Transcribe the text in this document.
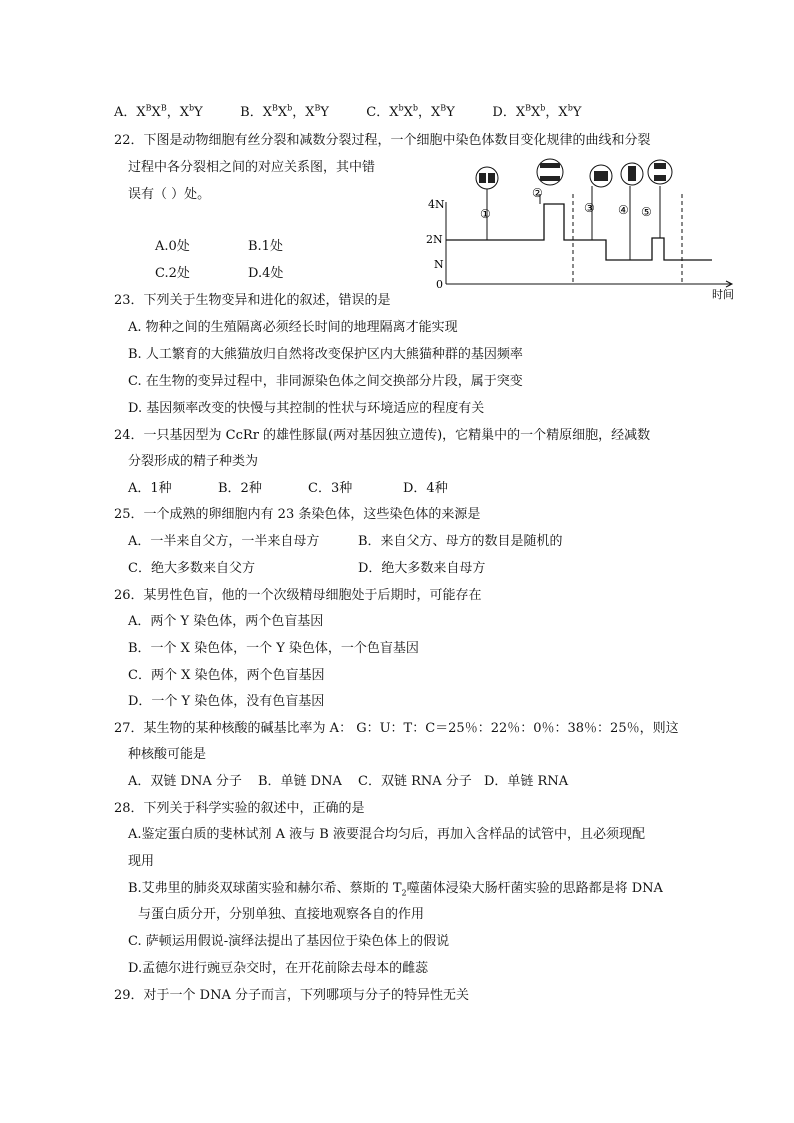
A．$X^BX^B$，$X^bY$	B．$X^BX^b$，$X^BY$	C．$X^bX^b$，$X^BY$	D．$X^BX^b$，$X^bY$
22．下图是动物细胞有丝分裂和减数分裂过程，一个细胞中染色体数目变化规律的曲线和分裂
过程中各分裂相之间的对应关系图，其中错
误有（ ）处。
A.0处	B.1处
C.2处	D.4处
4N
2N
N
0
时间
①
②
③ ④ ⑤
23．下列关于生物变异和进化的叙述，错误的是
A. 物种之间的生殖隔离必须经长时间的地理隔离才能实现
B. 人工繁育的大熊猫放归自然将改变保护区内大熊猫种群的基因频率
C. 在生物的变异过程中，非同源染色体之间交换部分片段，属于突变
D. 基因频率改变的快慢与其控制的性状与环境适应的程度有关
24．一只基因型为 CcRr 的雄性豚鼠(两对基因独立遗传)，它精巢中的一个精原细胞，经减数
分裂形成的精子种类为
A．1种	B．2种	C．3种	D．4种
25．一个成熟的卵细胞内有 23 条染色体，这些染色体的来源是
A．一半来自父方，一半来自母方	B．来自父方、母方的数目是随机的
C．绝大多数来自父方	D．绝大多数来自母方
26．某男性色盲，他的一个次级精母细胞处于后期时，可能存在
A．两个 Y 染色体，两个色盲基因
B．一个 X 染色体，一个 Y 染色体，一个色盲基因
C．两个 X 染色体，两个色盲基因
D．一个 Y 染色体，没有色盲基因
27．某生物的某种核酸的碱基比率为 A： G：U：T：C＝25％：22％：0％：38％：25％，则这
种核酸可能是
A．双链 DNA 分子 B．单链 DNA C．双链 RNA 分子 D．单链 RNA
28．下列关于科学实验的叙述中，正确的是
A.鉴定蛋白质的斐林试剂 A 液与 B 液要混合均匀后，再加入含样品的试管中，且必须现配
现用
B.艾弗里的肺炎双球菌实验和赫尔希、蔡斯的 $T_2$噬菌体浸染大肠杆菌实验的思路都是将 DNA
与蛋白质分开，分别单独、直接地观察各自的作用
C. 萨顿运用假说-演绎法提出了基因位于染色体上的假说
D.孟德尔进行豌豆杂交时，在开花前除去母本的雌蕊
29．对于一个 DNA 分子而言，下列哪项与分子的特异性无关
